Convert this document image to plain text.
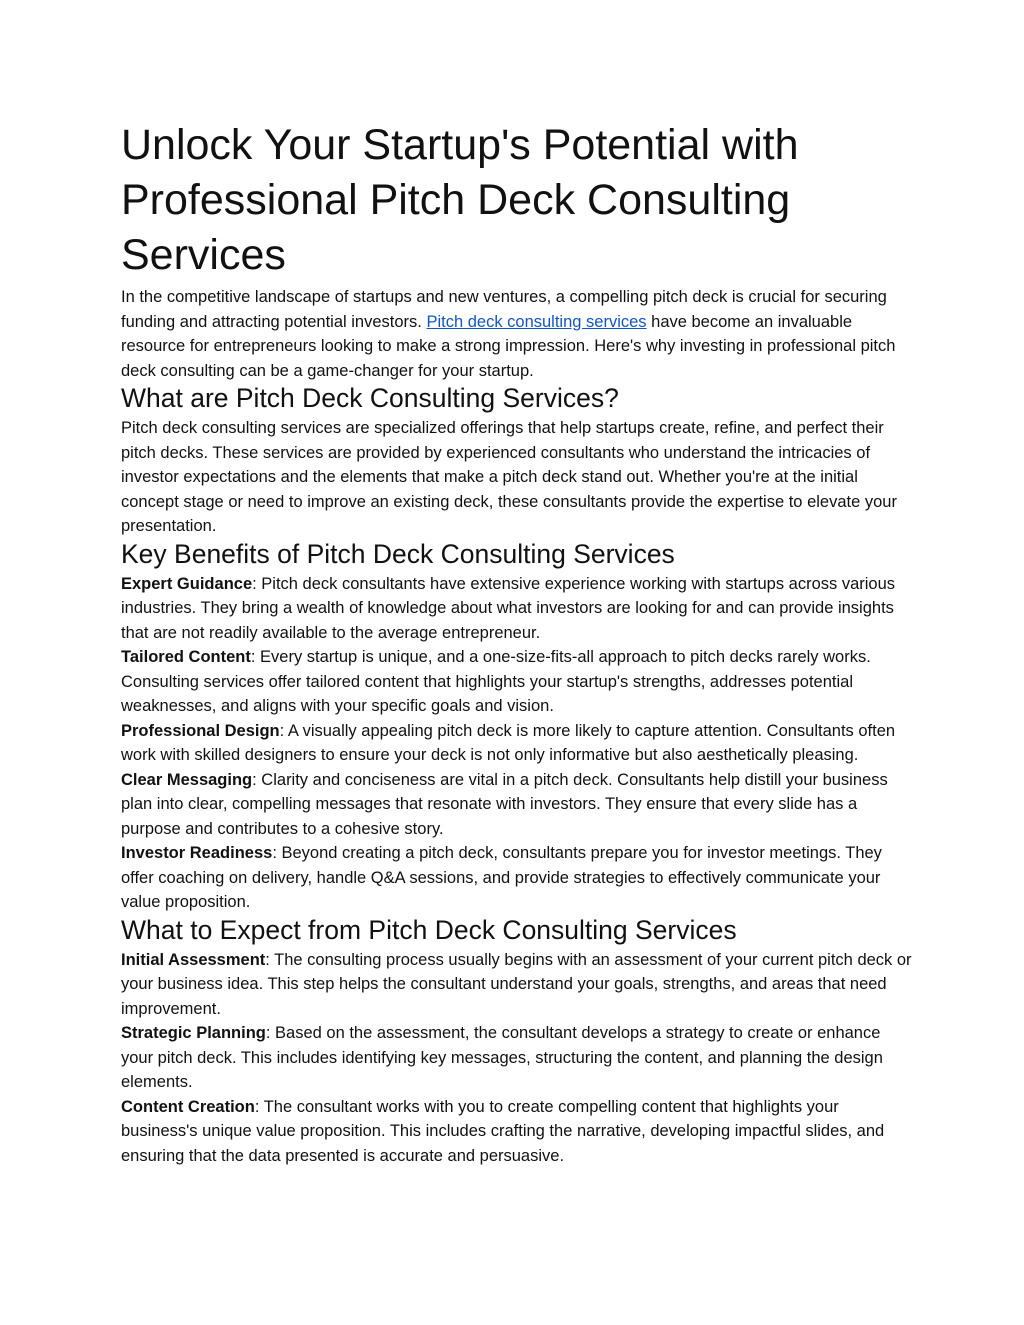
Unlock Your Startup's Potential with Professional Pitch Deck Consulting Services

In the competitive landscape of startups and new ventures, a compelling pitch deck is crucial for securing funding and attracting potential investors. Pitch deck consulting services have become an invaluable resource for entrepreneurs looking to make a strong impression. Here's why investing in professional pitch deck consulting can be a game-changer for your startup.

What are Pitch Deck Consulting Services?

Pitch deck consulting services are specialized offerings that help startups create, refine, and perfect their pitch decks. These services are provided by experienced consultants who understand the intricacies of investor expectations and the elements that make a pitch deck stand out. Whether you're at the initial concept stage or need to improve an existing deck, these consultants provide the expertise to elevate your presentation.

Key Benefits of Pitch Deck Consulting Services

Expert Guidance: Pitch deck consultants have extensive experience working with startups across various industries. They bring a wealth of knowledge about what investors are looking for and can provide insights that are not readily available to the average entrepreneur.

Tailored Content: Every startup is unique, and a one-size-fits-all approach to pitch decks rarely works. Consulting services offer tailored content that highlights your startup's strengths, addresses potential weaknesses, and aligns with your specific goals and vision.

Professional Design: A visually appealing pitch deck is more likely to capture attention. Consultants often work with skilled designers to ensure your deck is not only informative but also aesthetically pleasing.

Clear Messaging: Clarity and conciseness are vital in a pitch deck. Consultants help distill your business plan into clear, compelling messages that resonate with investors. They ensure that every slide has a purpose and contributes to a cohesive story.

Investor Readiness: Beyond creating a pitch deck, consultants prepare you for investor meetings. They offer coaching on delivery, handle Q&A sessions, and provide strategies to effectively communicate your value proposition.

What to Expect from Pitch Deck Consulting Services

Initial Assessment: The consulting process usually begins with an assessment of your current pitch deck or your business idea. This step helps the consultant understand your goals, strengths, and areas that need improvement.

Strategic Planning: Based on the assessment, the consultant develops a strategy to create or enhance your pitch deck. This includes identifying key messages, structuring the content, and planning the design elements.

Content Creation: The consultant works with you to create compelling content that highlights your business's unique value proposition. This includes crafting the narrative, developing impactful slides, and ensuring that the data presented is accurate and persuasive.
